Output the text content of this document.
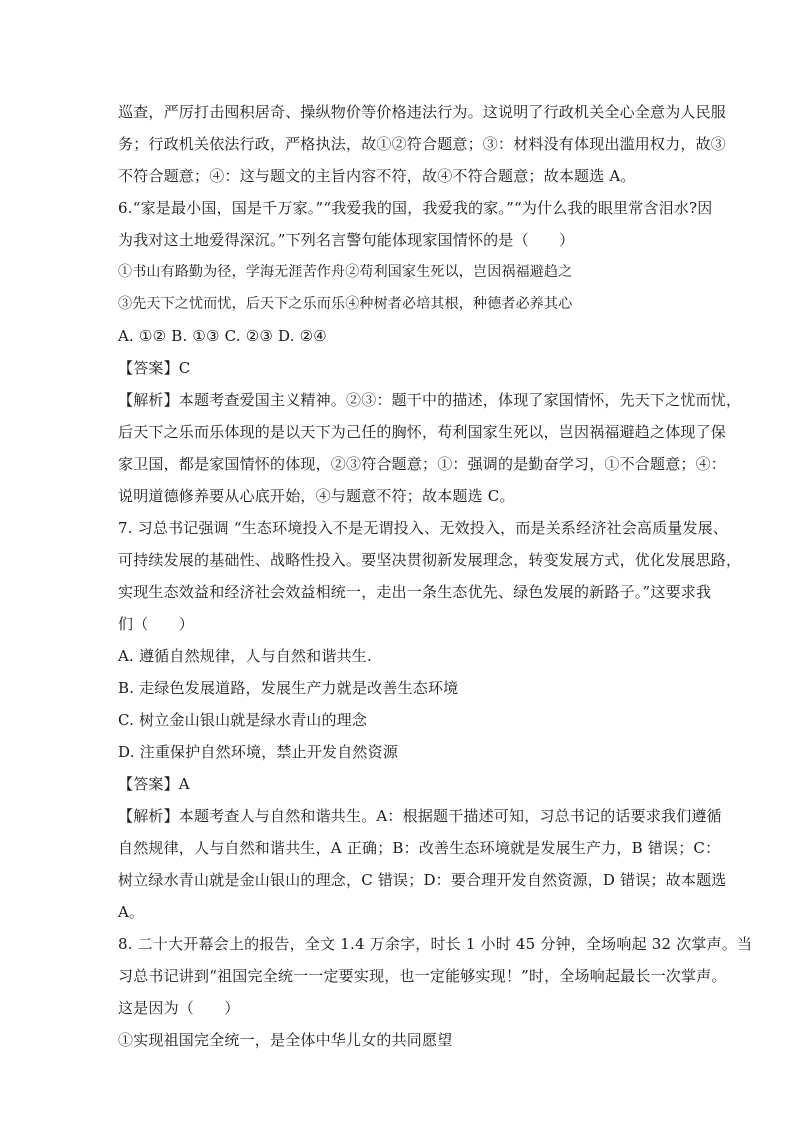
巡查，严厉打击囤积居奇、操纵物价等价格违法行为。这说明了行政机关全心全意为人民服
务；行政机关依法行政，严格执法，故①②符合题意；③：材料没有体现出滥用权力，故③
不符合题意；④：这与题文的主旨内容不符，故④不符合题意；故本题选 A。
6.“家是最小国，国是千万家。”“我爱我的国，我爱我的家。”“为什么我的眼里常含泪水?因
为我对这土地爱得深沉。”下列名言警句能体现家国情怀的是（　　）
①书山有路勤为径，学海无涯苦作舟②苟利国家生死以，岂因祸福避趋之
③先天下之忧而忧，后天下之乐而乐④种树者必培其根，种德者必养其心
A. ①② B. ①③ C. ②③ D. ②④
【答案】C
【解析】本题考查爱国主义精神。②③：题干中的描述，体现了家国情怀，先天下之忧而忧，
后天下之乐而乐体现的是以天下为己任的胸怀，苟利国家生死以，岂因祸福避趋之体现了保
家卫国，都是家国情怀的体现，②③符合题意；①：强调的是勤奋学习，①不合题意；④：
说明道德修养要从心底开始，④与题意不符；故本题选 C。
7. 习总书记强调 “生态环境投入不是无谓投入、无效投入，而是关系经济社会高质量发展、
可持续发展的基础性、战略性投入。要坚决贯彻新发展理念，转变发展方式，优化发展思路，
实现生态效益和经济社会效益相统一，走出一条生态优先、绿色发展的新路子。”这要求我
们（　　）
A. 遵循自然规律，人与自然和谐共生.
B. 走绿色发展道路，发展生产力就是改善生态环境
C. 树立金山银山就是绿水青山的理念
D. 注重保护自然环境，禁止开发自然资源
【答案】A
【解析】本题考查人与自然和谐共生。A：根据题干描述可知，习总书记的话要求我们遵循
自然规律，人与自然和谐共生，A 正确；B：改善生态环境就是发展生产力，B 错误；C：
树立绿水青山就是金山银山的理念，C 错误；D：要合理开发自然资源，D 错误；故本题选
A。
8. 二十大开幕会上的报告，全文 1.4 万余字，时长 1 小时 45 分钟，全场响起 32 次掌声。当
习总书记讲到“祖国完全统一一定要实现，也一定能够实现！”时，全场响起最长一次掌声。
这是因为（　　）
①实现祖国完全统一，是全体中华儿女的共同愿望
